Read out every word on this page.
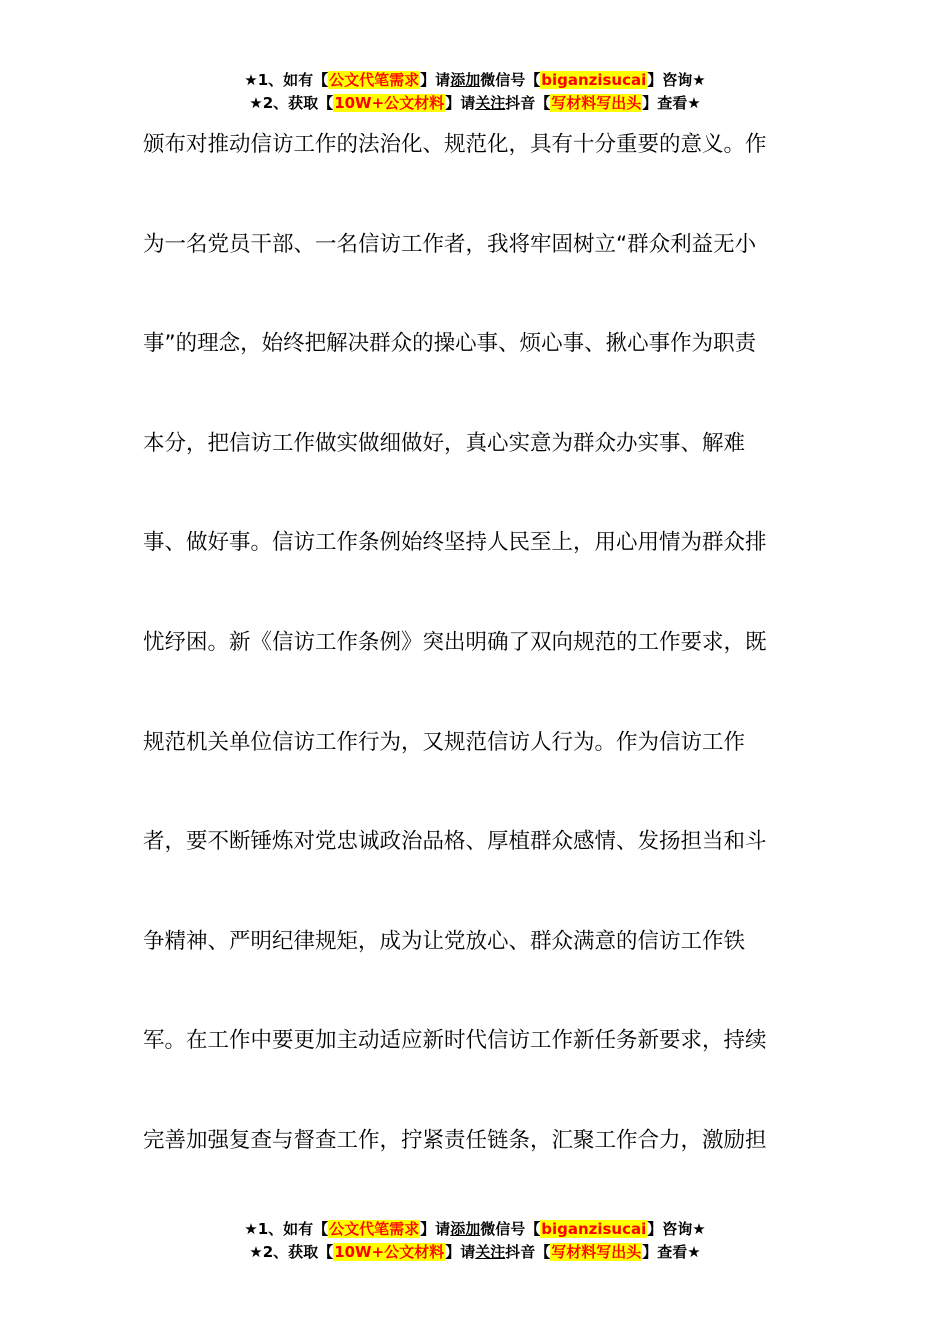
★1、如有【公文代笔需求】请添加微信号【biganzisucai】咨询★
★2、获取【10W+公文材料】请关注抖音【写材料写出头】查看★
颁布对推动信访工作的法治化、规范化，具有十分重要的意义。作
为一名党员干部、一名信访工作者，我将牢固树立“群众利益无小
事”的理念，始终把解决群众的操心事、烦心事、揪心事作为职责
本分，把信访工作做实做细做好，真心实意为群众办实事、解难
事、做好事。信访工作条例始终坚持人民至上，用心用情为群众排
忧纾困。新《信访工作条例》突出明确了双向规范的工作要求，既
规范机关单位信访工作行为，又规范信访人行为。作为信访工作
者，要不断锤炼对党忠诚政治品格、厚植群众感情、发扬担当和斗
争精神、严明纪律规矩，成为让党放心、群众满意的信访工作铁
军。在工作中要更加主动适应新时代信访工作新任务新要求，持续
完善加强复查与督查工作，拧紧责任链条，汇聚工作合力，激励担
★1、如有【公文代笔需求】请添加微信号【biganzisucai】咨询★
★2、获取【10W+公文材料】请关注抖音【写材料写出头】查看★
